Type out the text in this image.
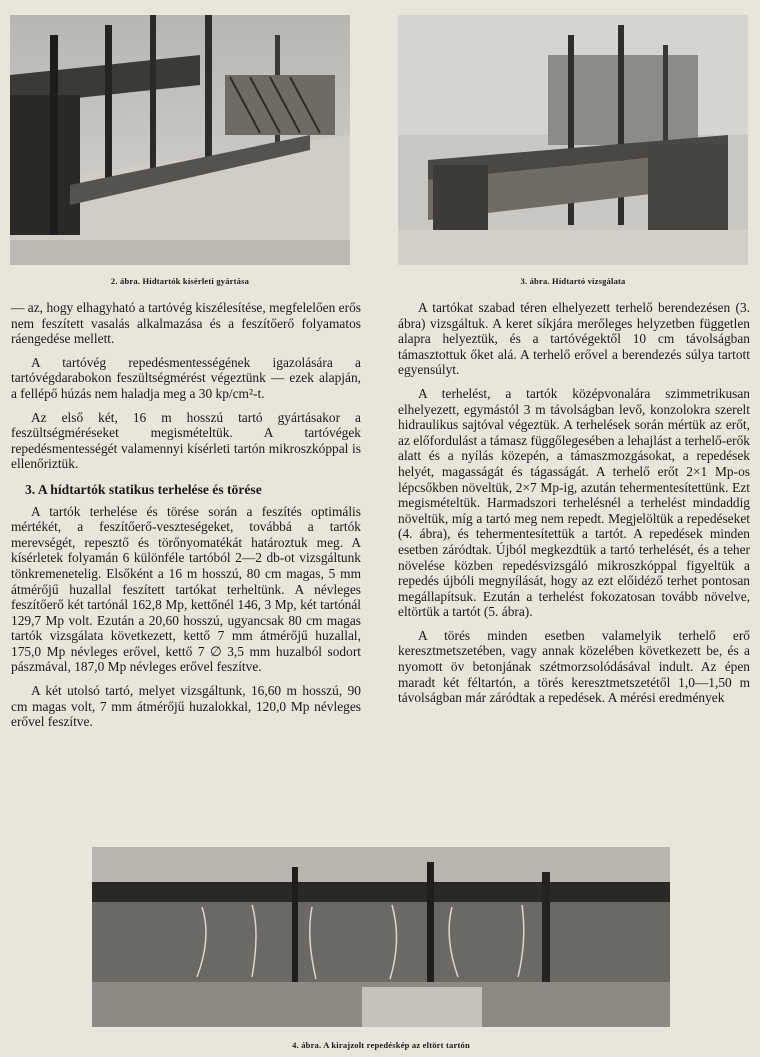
2. ábra. Hídtartók kísérleti gyártása	3. ábra. Hídtartó vizsgálata

— az, hogy elhagyható a tartóvég kiszélesítése, megfelelően erős nem feszített vasalás alkalmazása és a feszítőerő folyamatos ráengedése mellett.

A tartóvég repedésmentességének igazolására a tartóvégdarabokon feszültségmérést végeztünk — ezek alapján, a fellépő húzás nem haladja meg a 30 kp/cm²-t.

Az első két, 16 m hosszú tartó gyártásakor a feszültségméréseket megismételtük. A tartóvégek repedésmentességét valamennyi kísérleti tartón mikroszkóppal is ellenőriztük.

3. A hídtartók statikus terhelése és törése

A tartók terhelése és törése során a feszítés optimális mértékét, a feszítőerő-veszteségeket, továbbá a tartók merevségét, repesztő és törőnyomatékát határoztuk meg. A kísérletek folyamán 6 különféle tartóból 2—2 db-ot vizsgáltunk tönkremenetelig. Elsőként a 16 m hosszú, 80 cm magas, 5 mm átmérőjű huzallal feszített tartókat terheltünk. A névleges feszítőerő két tartónál 162,8 Mp, kettőnél 146, 3 Mp, két tartónál 129,7 Mp volt. Ezután a 20,60 hosszú, ugyancsak 80 cm magas tartók vizsgálata következett, kettő 7 mm átmérőjű huzallal, 175,0 Mp névleges erővel, kettő 7 ∅ 3,5 mm huzalból sodort pászmával, 187,0 Mp névleges erővel feszítve.

A két utolsó tartó, melyet vizsgáltunk, 16,60 m hosszú, 90 cm magas volt, 7 mm átmérőjű huzalokkal, 120,0 Mp névleges erővel feszítve.

A tartókat szabad téren elhelyezett terhelő berendezésen (3. ábra) vizsgáltuk. A keret síkjára merőleges helyzetben független alapra helyeztük, és a tartóvégektől 10 cm távolságban támasztottuk őket alá. A terhelő erővel a berendezés súlya tartott egyensúlyt.

A terhelést, a tartók középvonalára szimmetrikusan elhelyezett, egymástól 3 m távolságban levő, konzolokra szerelt hidraulikus sajtóval végeztük. A terhelések során mértük az erőt, az előfordulást a támasz függőlegesében a lehajlást a terhelő-erők alatt és a nyílás közepén, a támaszmozgásokat, a repedések helyét, magasságát és tágasságát. A terhelő erőt 2×1 Mp-os lépcsőkben növeltük, 2×7 Mp-ig, azután tehermentesítettünk. Ezt megismételtük. Harmadszori terhelésnél a terhelést mindaddig növeltük, míg a tartó meg nem repedt. Megjelöltük a repedéseket (4. ábra), és tehermentesítettük a tartót. A repedések minden esetben záródtak. Újból megkezdtük a tartó terhelését, és a teher növelése közben repedésvizsgáló mikroszkóppal figyeltük a repedés újbóli megnyílását, hogy az ezt előidéző terhet pontosan megállapítsuk. Ezután a terhelést fokozatosan tovább növelve, eltörtük a tartót (5. ábra).

A törés minden esetben valamelyik terhelő erő keresztmetszetében, vagy annak közelében következett be, és a nyomott öv betonjának szétmorzsolódásával indult. Az épen maradt két féltartón, a törés keresztmetszetétől 1,0—1,50 m távolságban már záródtak a repedések. A mérési eredmények

4. ábra. A kirajzolt repedéskép az eltört tartón
